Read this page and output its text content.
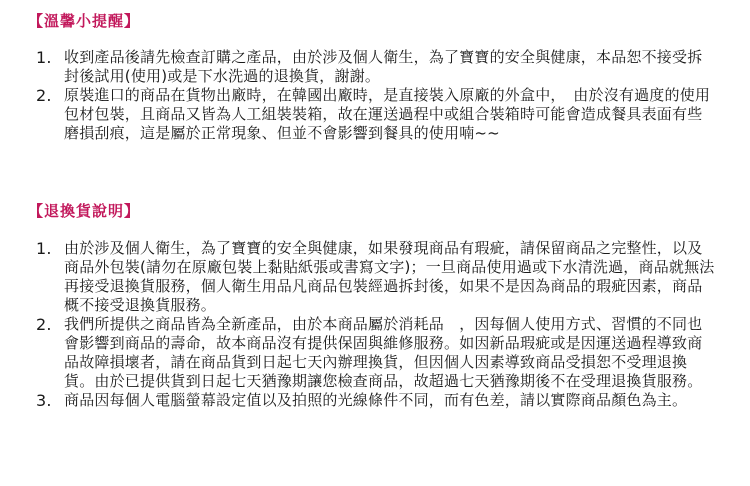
【溫馨小提醒】
1. 收到產品後請先檢查訂購之產品，由於涉及個人衛生，為了寶寶的安全與健康，本品恕不接受拆封後試用(使用)或是下水洗過的退換貨，謝謝。
2. 原裝進口的商品在貨物出廠時，在韓國出廠時，是直接裝入原廠的外盒中，　由於沒有過度的使用包材包裝，且商品又皆為人工組裝裝箱，故在運送過程中或組合裝箱時可能會造成餐具表面有些磨損刮痕，這是屬於正常現象、但並不會影響到餐具的使用喃~~
【退換貨說明】
1. 由於涉及個人衛生，為了寶寶的安全與健康，如果發現商品有瑕疵，請保留商品之完整性，以及商品外包裝(請勿在原廠包裝上黏貼紙張或書寫文字)；一旦商品使用過或下水清洗過，商品就無法再接受退換貨服務，個人衛生用品凡商品包裝經過拆封後，如果不是因為商品的瑕疵因素，商品概不接受退換貨服務。
2. 我們所提供之商品皆為全新產品，由於本商品屬於消耗品　，因每個人使用方式、習慣的不同也會影響到商品的壽命，故本商品沒有提供保固與維修服務。如因新品瑕疵或是因運送過程導致商品故障損壞者，請在商品貨到日起七天內辦理換貨，但因個人因素導致商品受損恕不受理退換貨。由於已提供貨到日起七天猶豫期讓您檢查商品，故超過七天猶豫期後不在受理退換貨服務。
3. 商品因每個人電腦螢幕設定值以及拍照的光線條件不同，而有色差，請以實際商品顏色為主。
